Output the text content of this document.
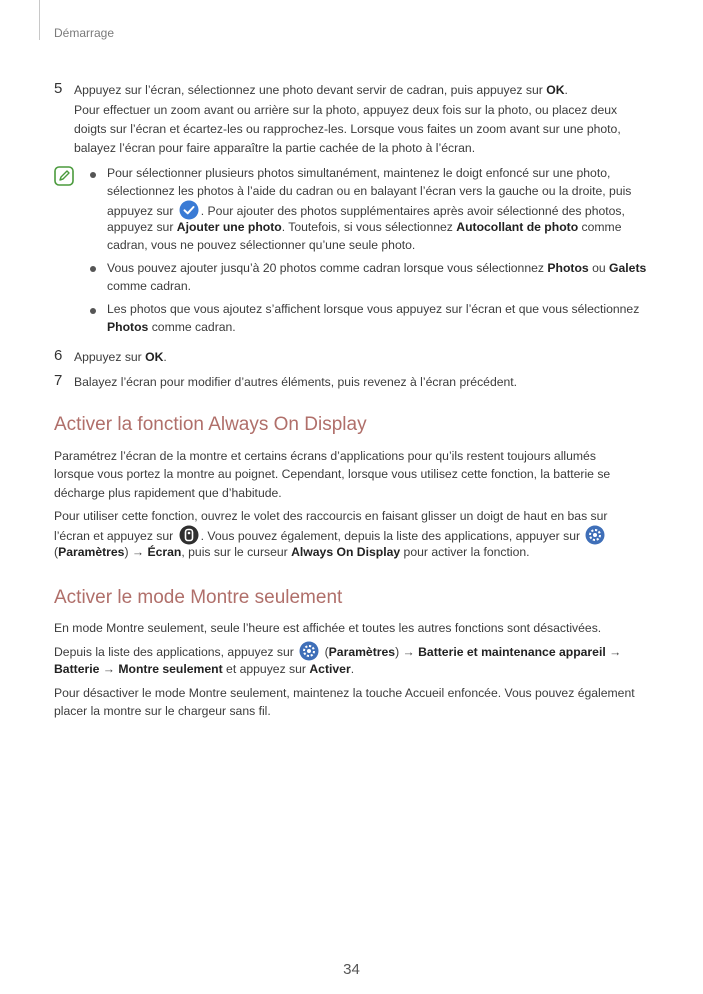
Démarrage
5 Appuyez sur l’écran, sélectionnez une photo devant servir de cadran, puis appuyez sur OK.
Pour effectuer un zoom avant ou arrière sur la photo, appuyez deux fois sur la photo, ou placez deux
doigts sur l’écran et écartez-les ou rapprochez-les. Lorsque vous faites un zoom avant sur une photo,
balayez l’écran pour faire apparaître la partie cachée de la photo à l’écran.
Pour sélectionner plusieurs photos simultanément, maintenez le doigt enfoncé sur une photo,
sélectionnez les photos à l’aide du cadran ou en balayant l’écran vers la gauche ou la droite, puis
appuyez sur . Pour ajouter des photos supplémentaires après avoir sélectionné des photos,
appuyez sur Ajouter une photo. Toutefois, si vous sélectionnez Autocollant de photo comme
cadran, vous ne pouvez sélectionner qu’une seule photo.
Vous pouvez ajouter jusqu’à 20 photos comme cadran lorsque vous sélectionnez Photos ou Galets
comme cadran.
Les photos que vous ajoutez s’affichent lorsque vous appuyez sur l’écran et que vous sélectionnez
Photos comme cadran.
6 Appuyez sur OK.
7 Balayez l’écran pour modifier d’autres éléments, puis revenez à l’écran précédent.
Activer la fonction Always On Display
Paramétrez l’écran de la montre et certains écrans d’applications pour qu’ils restent toujours allumés
lorsque vous portez la montre au poignet. Cependant, lorsque vous utilisez cette fonction, la batterie se
décharge plus rapidement que d’habitude.
Pour utiliser cette fonction, ouvrez le volet des raccourcis en faisant glisser un doigt de haut en bas sur
l’écran et appuyez sur . Vous pouvez également, depuis la liste des applications, appuyer sur
(Paramètres) → Écran, puis sur le curseur Always On Display pour activer la fonction.
Activer le mode Montre seulement
En mode Montre seulement, seule l’heure est affichée et toutes les autres fonctions sont désactivées.
Depuis la liste des applications, appuyez sur  (Paramètres) → Batterie et maintenance appareil →
Batterie → Montre seulement et appuyez sur Activer.
Pour désactiver le mode Montre seulement, maintenez la touche Accueil enfoncée. Vous pouvez également
placer la montre sur le chargeur sans fil.
34
